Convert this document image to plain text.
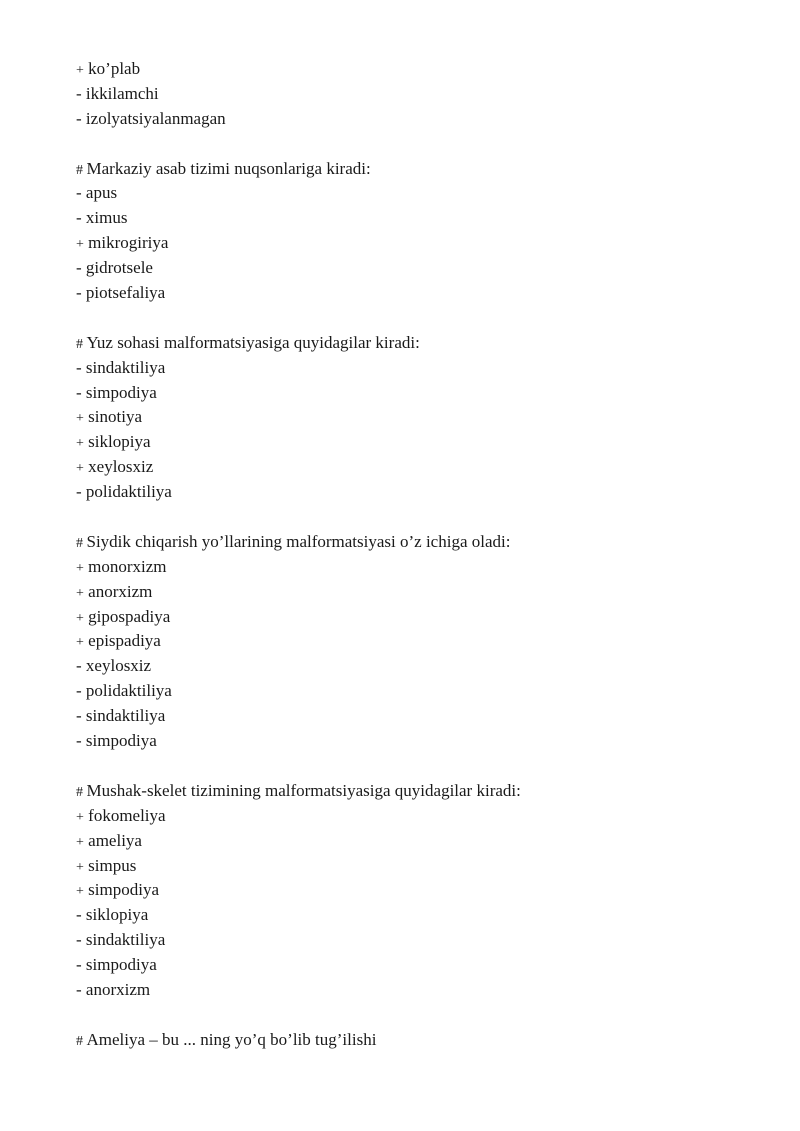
+ ko’plab
- ikkilamchi
- izolyatsiyalanmagan
# Markaziy asab tizimi nuqsonlariga kiradi:
- apus
- ximus
+ mikrogiriya
- gidrotsele
- piotsefaliya
# Yuz sohasi malformatsiyasiga quyidagilar kiradi:
- sindaktiliya
- simpodiya
+ sinotiya
+ siklopiya
+ xeylosxiz
- polidaktiliya
# Siydik chiqarish yo’llarining malformatsiyasi o’z ichiga oladi:
+ monorxizm
+ anorxizm
+ gipospadiya
+ epispadiya
- xeylosxiz
- polidaktiliya
- sindaktiliya
- simpodiya
# Mushak-skelet tizimining malformatsiyasiga quyidagilar kiradi:
+ fokomeliya
+ ameliya
+ simpus
+ simpodiya
- siklopiya
- sindaktiliya
- simpodiya
- anorxizm
# Ameliya – bu ... ning yo’q bo’lib tug’ilishi
